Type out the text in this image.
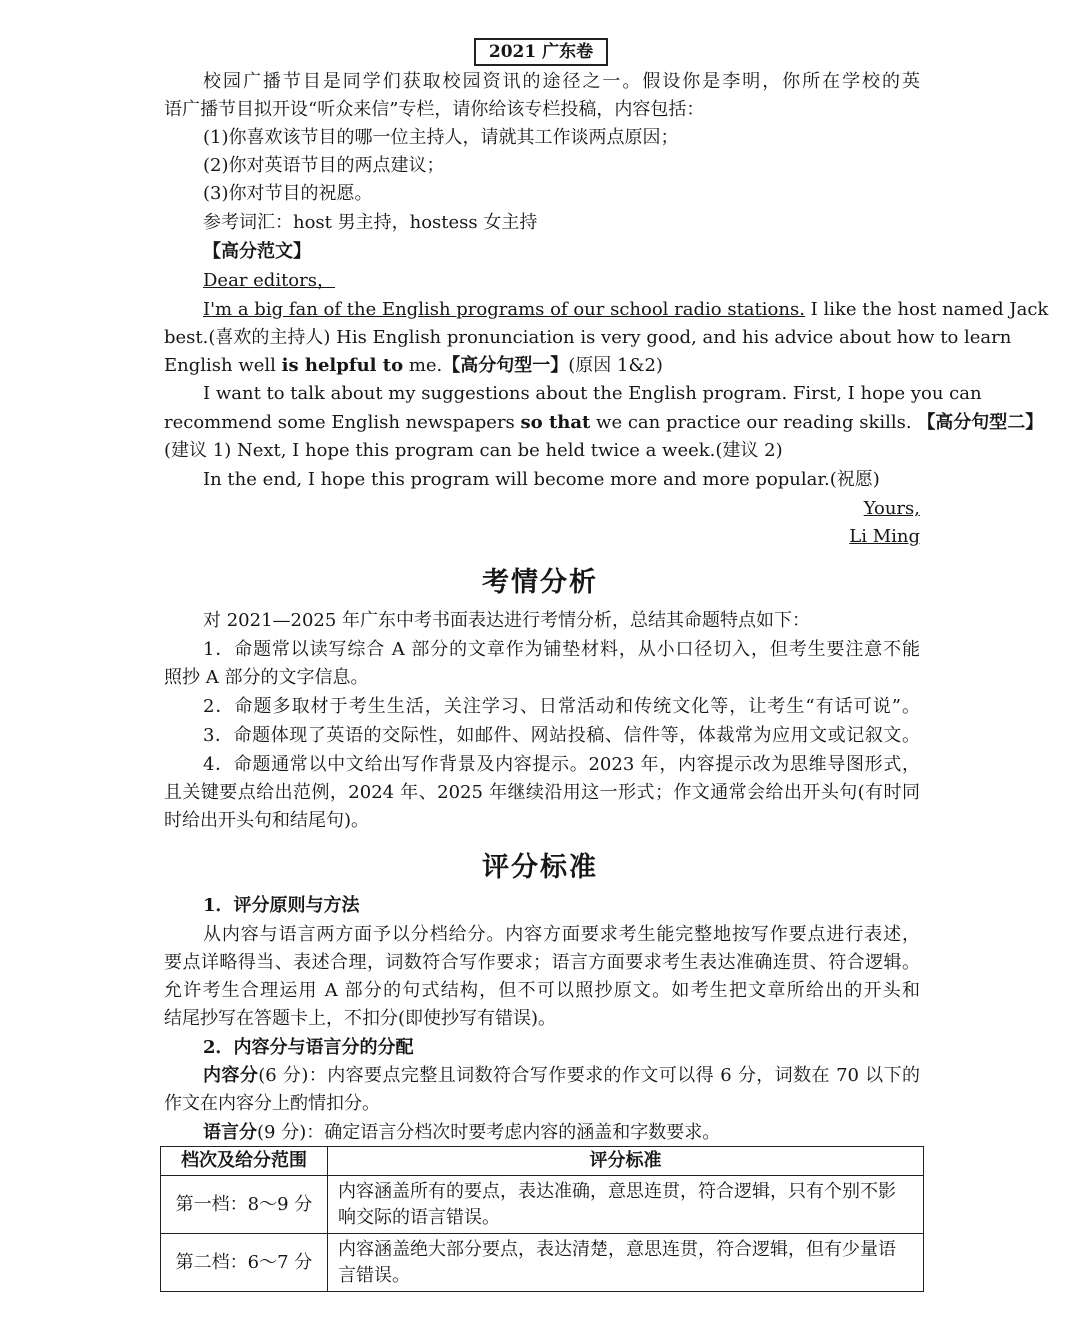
2021 广东卷
校园广播节目是同学们获取校园资讯的途径之一。假设你是李明，你所在学校的英
语广播节目拟开设“听众来信”专栏，请你给该专栏投稿，内容包括：
(1)你喜欢该节目的哪一位主持人，请就其工作谈两点原因；
(2)你对英语节目的两点建议；
(3)你对节目的祝愿。
参考词汇：host 男主持，hostess 女主持
【高分范文】
Dear editors，
I'm a big fan of the English programs of our school radio stations. I like the host named Jack
best.(喜欢的主持人) His English pronunciation is very good, and his advice about how to learn
English well is helpful to me.【高分句型一】(原因 1&2)
I want to talk about my suggestions about the English program. First, I hope you can
recommend some English newspapers so that we can practice our reading skills. 【高分句型二】
(建议 1) Next, I hope this program can be held twice a week.(建议 2)
In the end, I hope this program will become more and more popular.(祝愿)
Yours,
Li Ming
考情分析
对 2021—2025 年广东中考书面表达进行考情分析，总结其命题特点如下：
1．命题常以读写综合 A 部分的文章作为铺垫材料，从小口径切入，但考生要注意不能
照抄 A 部分的文字信息。
2．命题多取材于考生生活，关注学习、日常活动和传统文化等，让考生“有话可说”。
3．命题体现了英语的交际性，如邮件、网站投稿、信件等，体裁常为应用文或记叙文。
4．命题通常以中文给出写作背景及内容提示。2023 年，内容提示改为思维导图形式，
且关键要点给出范例，2024 年、2025 年继续沿用这一形式；作文通常会给出开头句(有时同
时给出开头句和结尾句)。
评分标准
1．评分原则与方法
从内容与语言两方面予以分档给分。内容方面要求考生能完整地按写作要点进行表述，
要点详略得当、表述合理，词数符合写作要求；语言方面要求考生表达准确连贯、符合逻辑。
允许考生合理运用 A 部分的句式结构，但不可以照抄原文。如考生把文章所给出的开头和
结尾抄写在答题卡上，不扣分(即使抄写有错误)。
2．内容分与语言分的分配
内容分(6 分)：内容要点完整且词数符合写作要求的作文可以得 6 分，词数在 70 以下的
作文在内容分上酌情扣分。
语言分(9 分)：确定语言分档次时要考虑内容的涵盖和字数要求。
档次及给分范围	评分标准
第一档：8～9 分	内容涵盖所有的要点，表达准确，意思连贯，符合逻辑，只有个别不影响交际的语言错误。
第二档：6～7 分	内容涵盖绝大部分要点，表达清楚，意思连贯，符合逻辑，但有少量语言错误。
